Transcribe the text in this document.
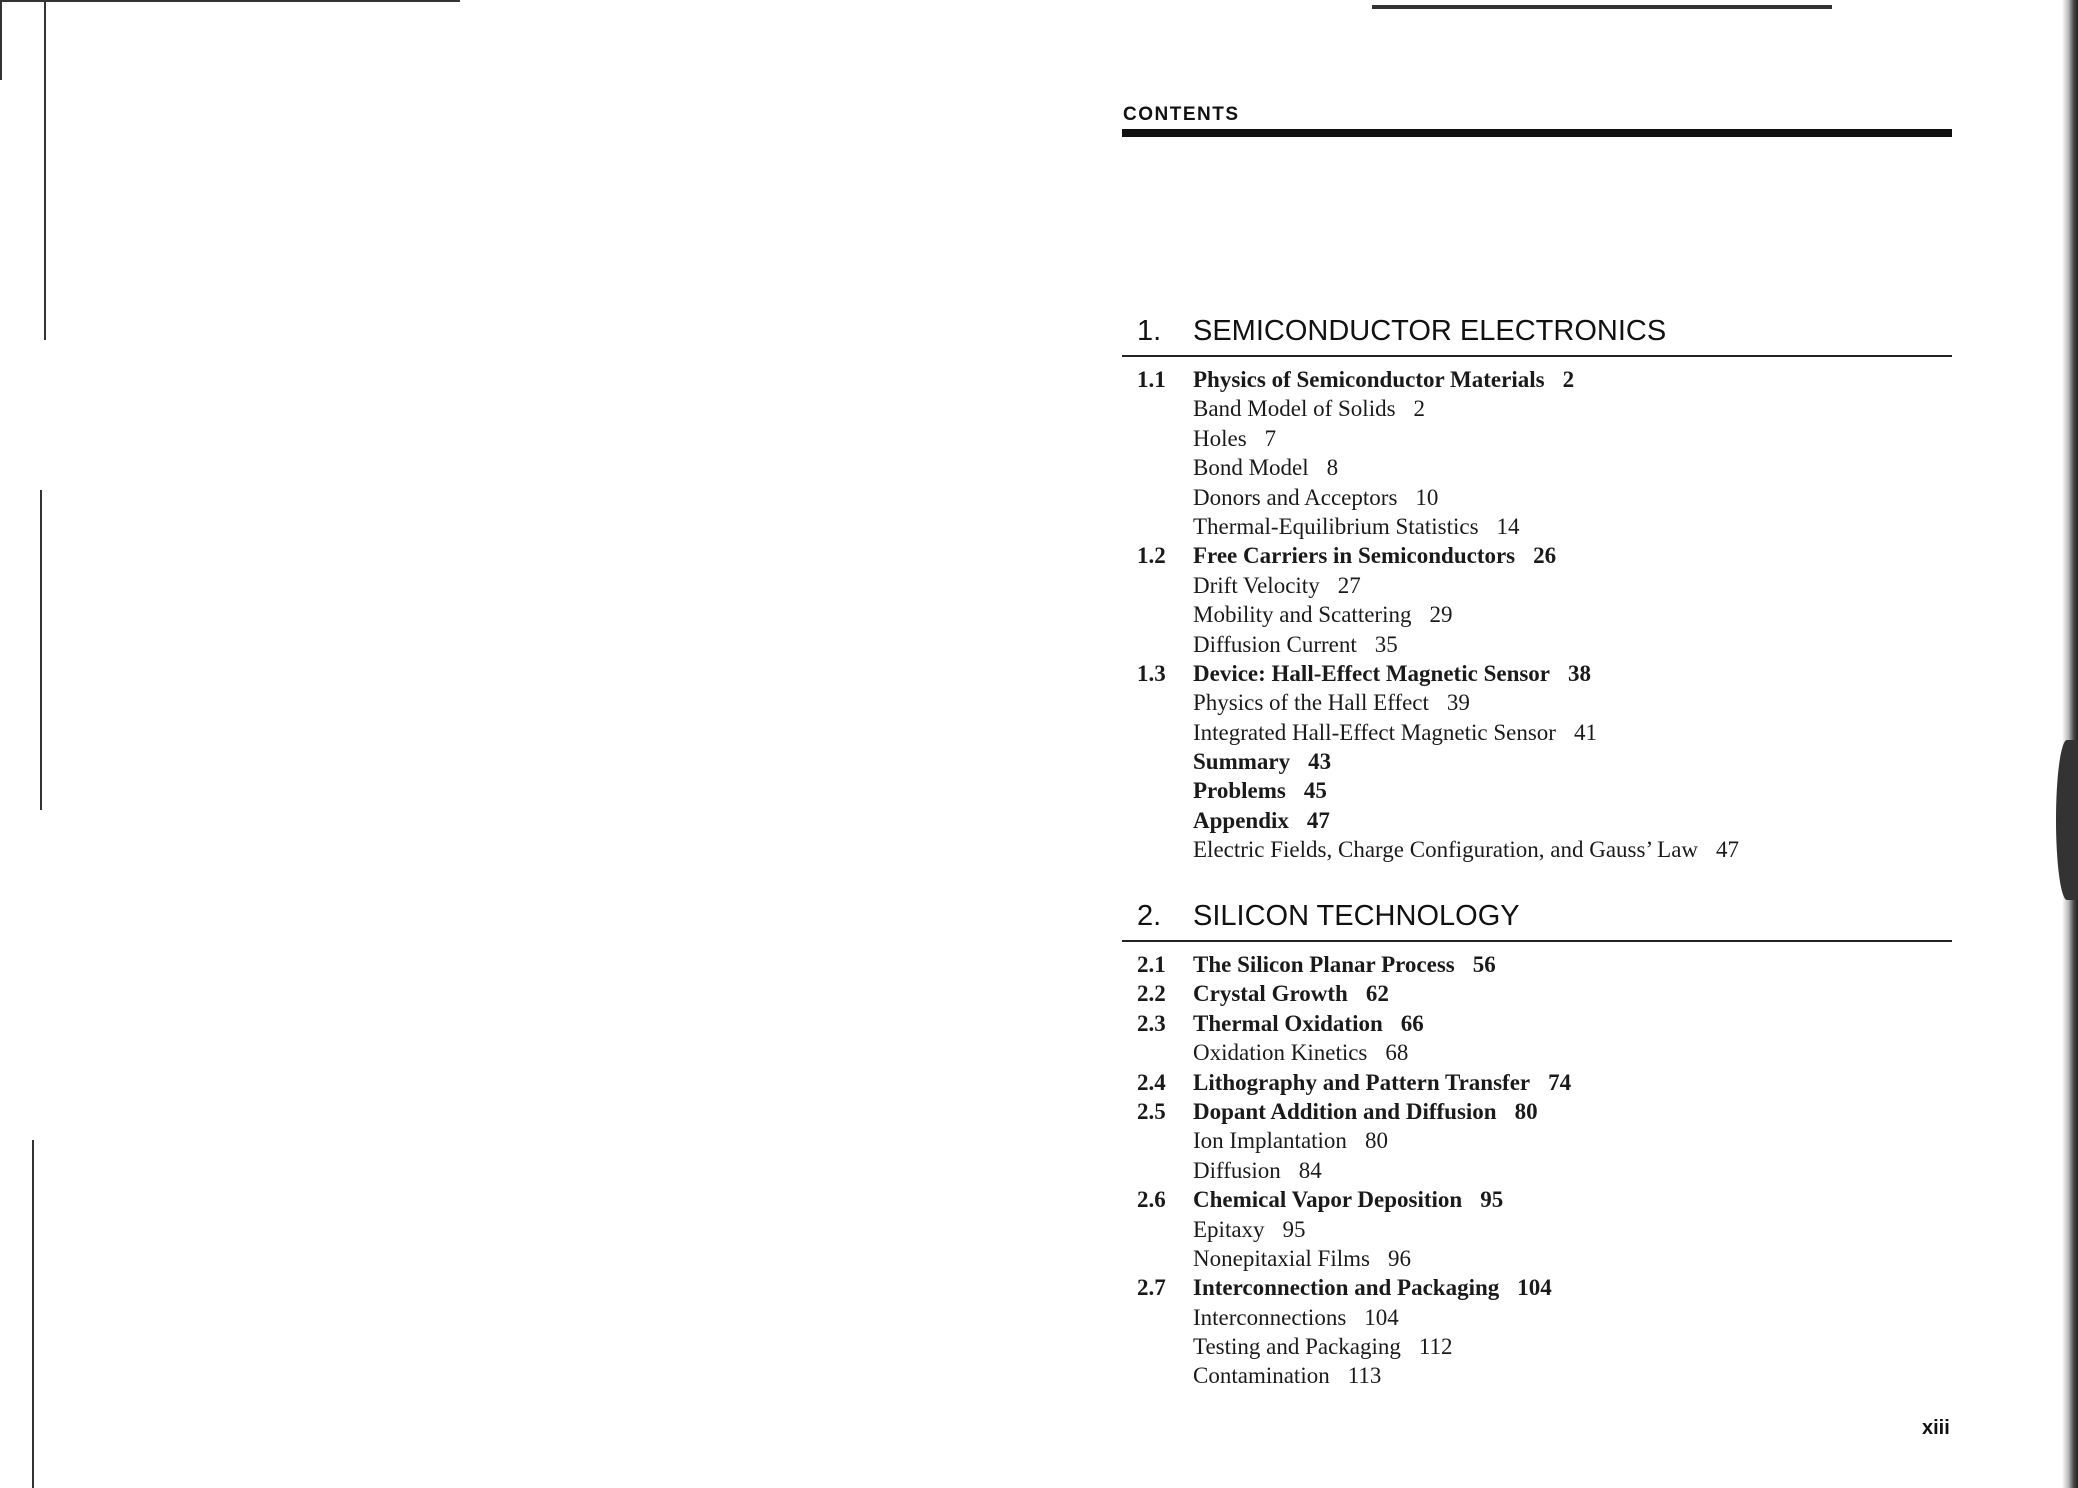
CONTENTS
1. SEMICONDUCTOR ELECTRONICS
1.1 Physics of Semiconductor Materials 2
Band Model of Solids 2
Holes 7
Bond Model 8
Donors and Acceptors 10
Thermal-Equilibrium Statistics 14
1.2 Free Carriers in Semiconductors 26
Drift Velocity 27
Mobility and Scattering 29
Diffusion Current 35
1.3 Device: Hall-Effect Magnetic Sensor 38
Physics of the Hall Effect 39
Integrated Hall-Effect Magnetic Sensor 41
Summary 43
Problems 45
Appendix 47
Electric Fields, Charge Configuration, and Gauss’ Law 47
2. SILICON TECHNOLOGY
2.1 The Silicon Planar Process 56
2.2 Crystal Growth 62
2.3 Thermal Oxidation 66
Oxidation Kinetics 68
2.4 Lithography and Pattern Transfer 74
2.5 Dopant Addition and Diffusion 80
Ion Implantation 80
Diffusion 84
2.6 Chemical Vapor Deposition 95
Epitaxy 95
Nonepitaxial Films 96
2.7 Interconnection and Packaging 104
Interconnections 104
Testing and Packaging 112
Contamination 113
xiii
